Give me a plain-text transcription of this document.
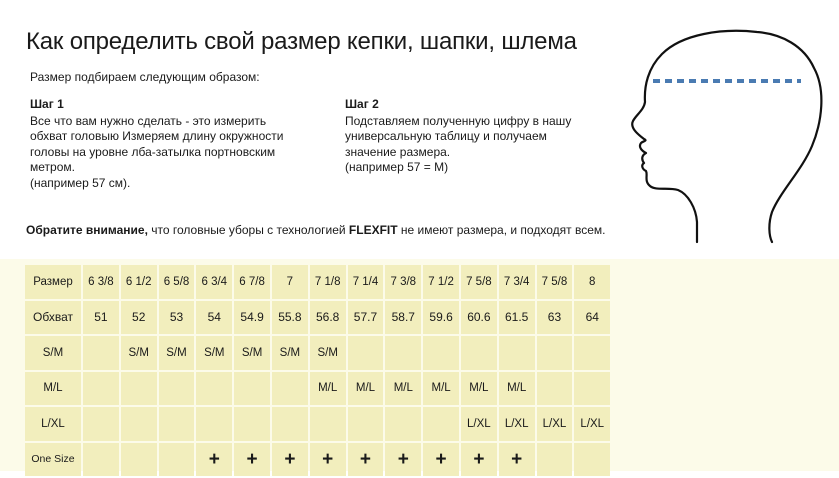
Как определить свой размер кепки, шапки, шлема
Размер подбираем следующим образом:
Шаг 1
Все что вам нужно сделать - это измерить
обхват головыю Измеряем длину окружности
головы на уровне лба-затылка портновским
метром.
(например 57 см).
Шаг 2
Подставляем полученную цифру в нашу
универсальную таблицу и получаем
значение размера.
(например 57 = M)
Обратите внимание, что головные уборы с технологией FLEXFIT не имеют размера, и подходят всем.
Размер	6 3/8	6 1/2	6 5/8	6 3/4	6 7/8	7	7 1/8	7 1/4	7 3/8	7 1/2	7 5/8	7 3/4	7 5/8	8
Обхват	51	52	53	54	54.9	55.8	56.8	57.7	58.7	59.6	60.6	61.5	63	64
S/M		S/M	S/M	S/M	S/M	S/M	S/M							
M/L							M/L	M/L	M/L	M/L	M/L	M/L		
L/XL											L/XL	L/XL	L/XL	L/XL
One Size				+	+	+	+	+	+	+	+	+		
